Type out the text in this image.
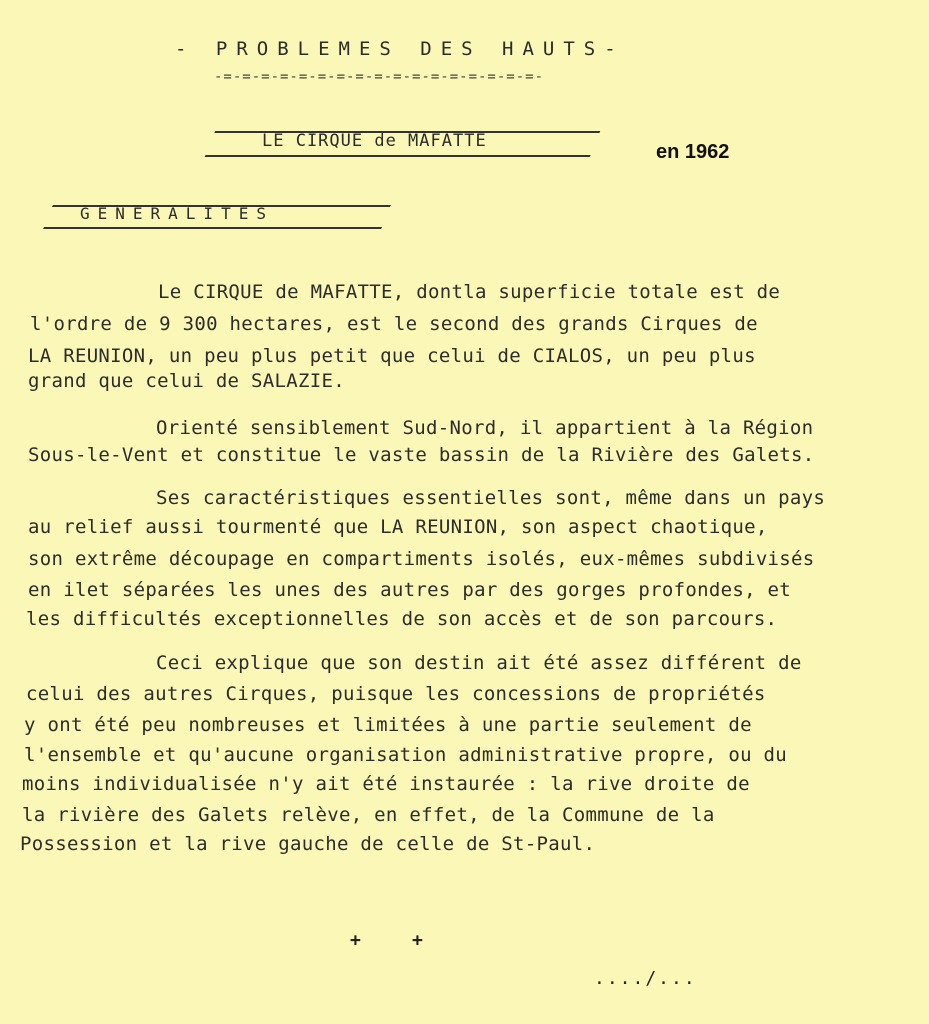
- PROBLEMES DES HAUTS-
-=-=-=-=-=-=-=-=-=-=-=-=-=-=-=-=-=-
LE CIRQUE de MAFATTE	en 1962
GENERALITES
Le CIRQUE de MAFATTE, dontla superficie totale est de
l'ordre de 9 300 hectares, est le second des grands Cirques de
LA REUNION, un peu plus petit que celui de CIALOS, un peu plus
grand que celui de SALAZIE.
Orienté sensiblement Sud-Nord, il appartient à la Région
Sous-le-Vent et constitue le vaste bassin de la Rivière des Galets.
Ses caractéristiques essentielles sont, même dans un pays
au relief aussi tourmenté que LA REUNION, son aspect chaotique,
son extrême découpage en compartiments isolés, eux-mêmes subdivisés
en ilet séparées les unes des autres par des gorges profondes, et
les difficultés exceptionnelles de son accès et de son parcours.
Ceci explique que son destin ait été assez différent de
celui des autres Cirques, puisque les concessions de propriétés
y ont été peu nombreuses et limitées à une partie seulement de
l'ensemble et qu'aucune organisation administrative propre, ou du
moins individualisée n'y ait été instaurée : la rive droite de
la rivière des Galets relève, en effet, de la Commune de la
Possession et la rive gauche de celle de St-Paul.
+	+
..../...
